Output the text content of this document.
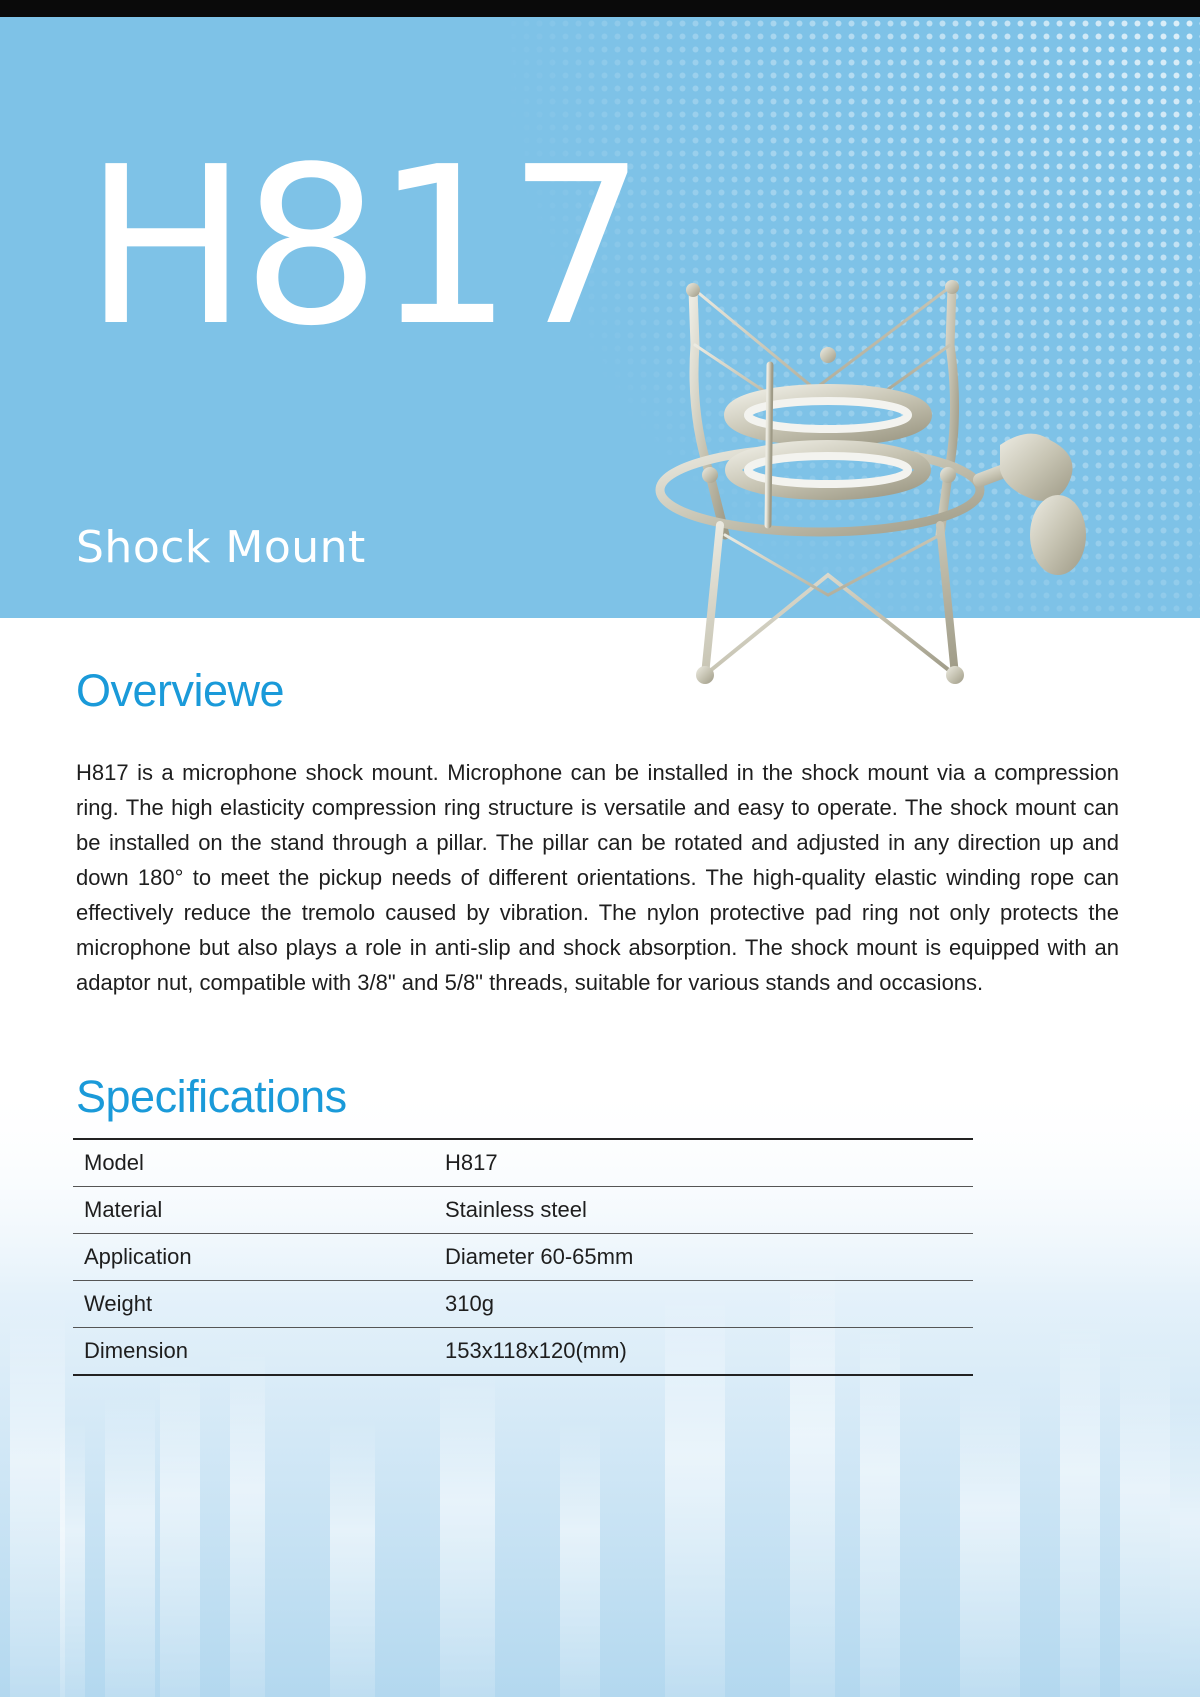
H817
Shock Mount
Overviewe

H817 is a microphone shock mount. Microphone can be installed in the shock mount via a compression ring. The high elasticity compression ring structure is versatile and easy to operate. The shock mount can be installed on the stand through a pillar. The pillar can be rotated and adjusted in any direction up and down 180° to meet the pickup needs of different orientations. The high-quality elastic winding rope can effectively reduce the tremolo caused by vibration. The nylon protective pad ring not only protects the microphone but also plays a role in anti-slip and shock absorption. The shock mount is equipped with an adaptor nut, compatible with 3/8" and 5/8" threads, suitable for various stands and occasions.

Specifications
Model	H817
Material	Stainless steel
Application	Diameter 60-65mm
Weight	310g
Dimension	153x118x120(mm)
